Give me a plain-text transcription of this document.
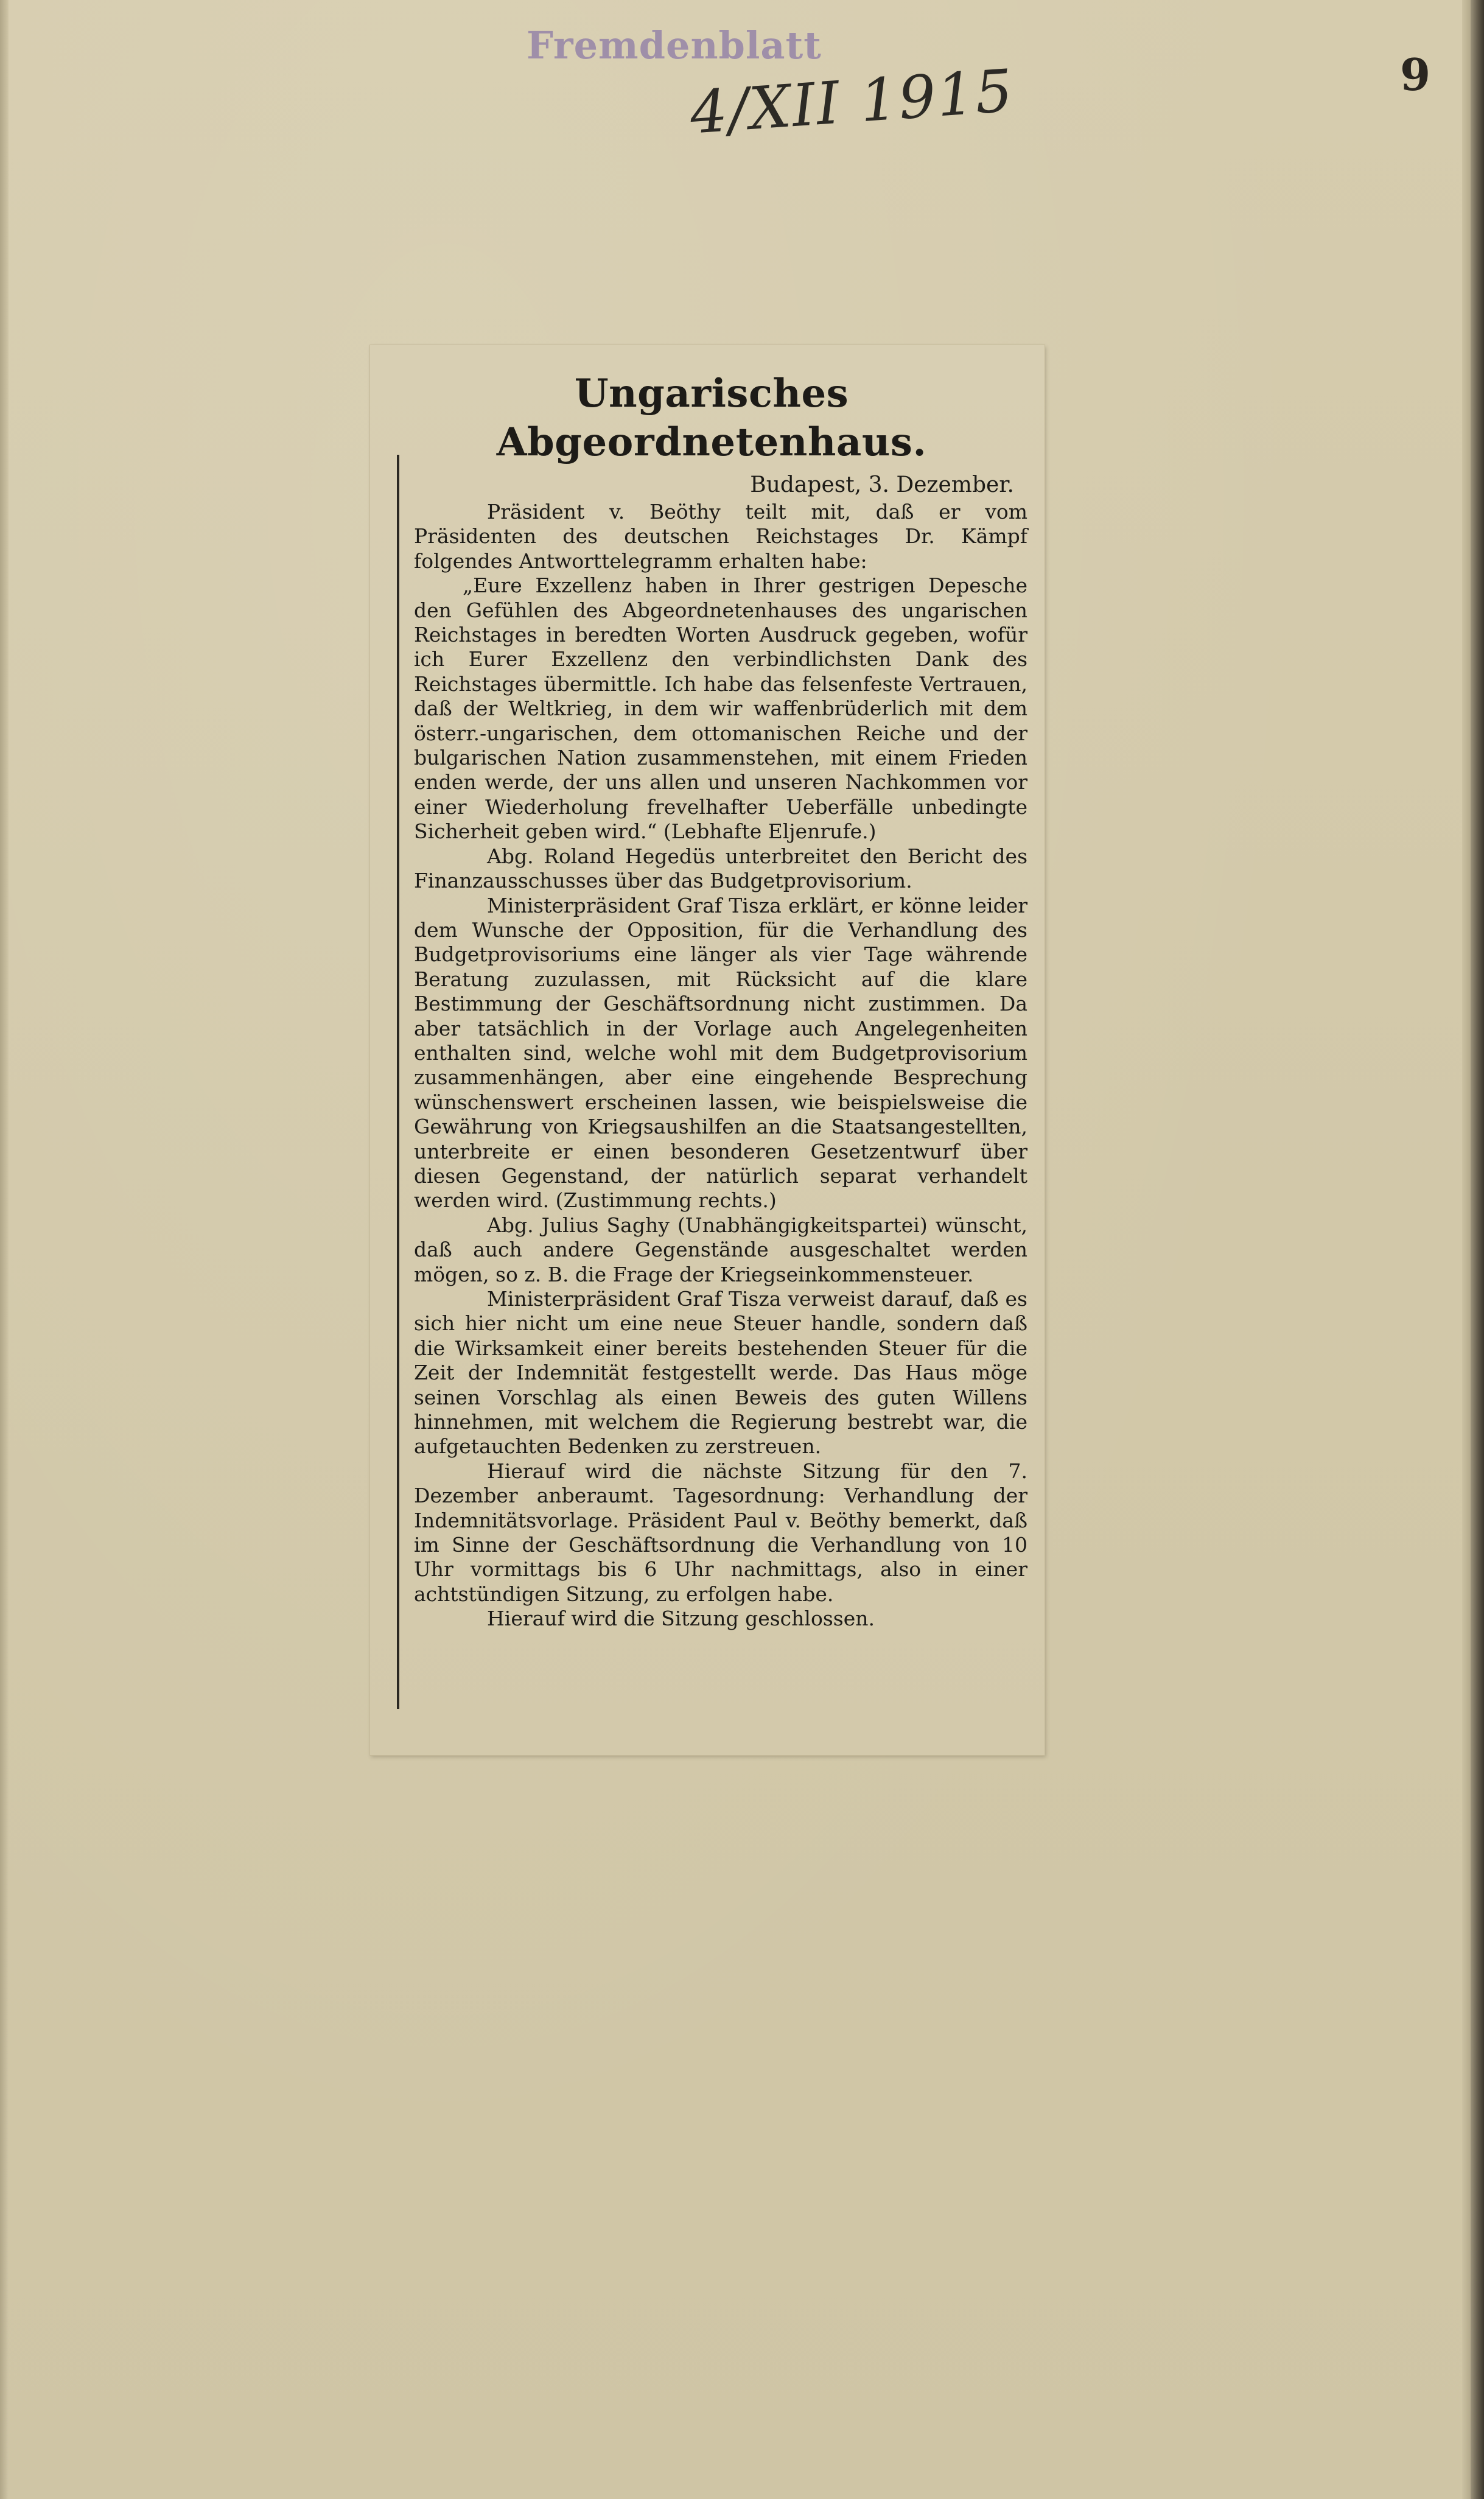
Fremdenblatt
4/XII 1915	9
Ungarisches Abgeordnetenhaus.
Budapest, 3. Dezember.

Präsident v. Beöthy teilt mit, daß er vom Präsidenten des deutschen Reichstages Dr. Kämpf folgendes Antworttelegramm erhalten habe:

„Eure Exzellenz haben in Ihrer gestrigen Depesche den Gefühlen des Abgeordnetenhauses des ungarischen Reichstages in beredten Worten Ausdruck gegeben, wofür ich Eurer Exzellenz den verbindlichsten Dank des Reichstages übermittle. Ich habe das felsenfeste Vertrauen, daß der Weltkrieg, in dem wir waffenbrüderlich mit dem österr.-ungarischen, dem ottomanischen Reiche und der bulgarischen Nation zusammenstehen, mit einem Frieden enden werde, der uns allen und unseren Nachkommen vor einer Wiederholung frevelhafter Ueberfälle unbedingte Sicherheit geben wird.“ (Lebhafte Eljenrufe.)

Abg. Roland Hegedüs unterbreitet den Bericht des Finanzausschusses über das Budgetprovisorium.

Ministerpräsident Graf Tisza erklärt, er könne leider dem Wunsche der Opposition, für die Verhandlung des Budgetprovisoriums eine länger als vier Tage währende Beratung zuzulassen, mit Rücksicht auf die klare Bestimmung der Geschäftsordnung nicht zustimmen. Da aber tatsächlich in der Vorlage auch Angelegenheiten enthalten sind, welche wohl mit dem Budgetprovisorium zusammenhängen, aber eine eingehende Besprechung wünschenswert erscheinen lassen, wie beispielsweise die Gewährung von Kriegsaushilfen an die Staatsangestellten, unterbreite er einen besonderen Gesetzentwurf über diesen Gegenstand, der natürlich separat verhandelt werden wird. (Zustimmung rechts.)

Abg. Julius Saghy (Unabhängigkeitspartei) wünscht, daß auch andere Gegenstände ausgeschaltet werden mögen, so z. B. die Frage der Kriegseinkommensteuer.

Ministerpräsident Graf Tisza verweist darauf, daß es sich hier nicht um eine neue Steuer handle, sondern daß die Wirksamkeit einer bereits bestehenden Steuer für die Zeit der Indemnität festgestellt werde. Das Haus möge seinen Vorschlag als einen Beweis des guten Willens hinnehmen, mit welchem die Regierung bestrebt war, die aufgetauchten Bedenken zu zerstreuen.

Hierauf wird die nächste Sitzung für den 7. Dezember anberaumt. Tagesordnung: Verhandlung der Indemnitätsvorlage. Präsident Paul v. Beöthy bemerkt, daß im Sinne der Geschäftsordnung die Verhandlung von 10 Uhr vormittags bis 6 Uhr nachmittags, also in einer achtstündigen Sitzung, zu erfolgen habe.

Hierauf wird die Sitzung geschlossen.
